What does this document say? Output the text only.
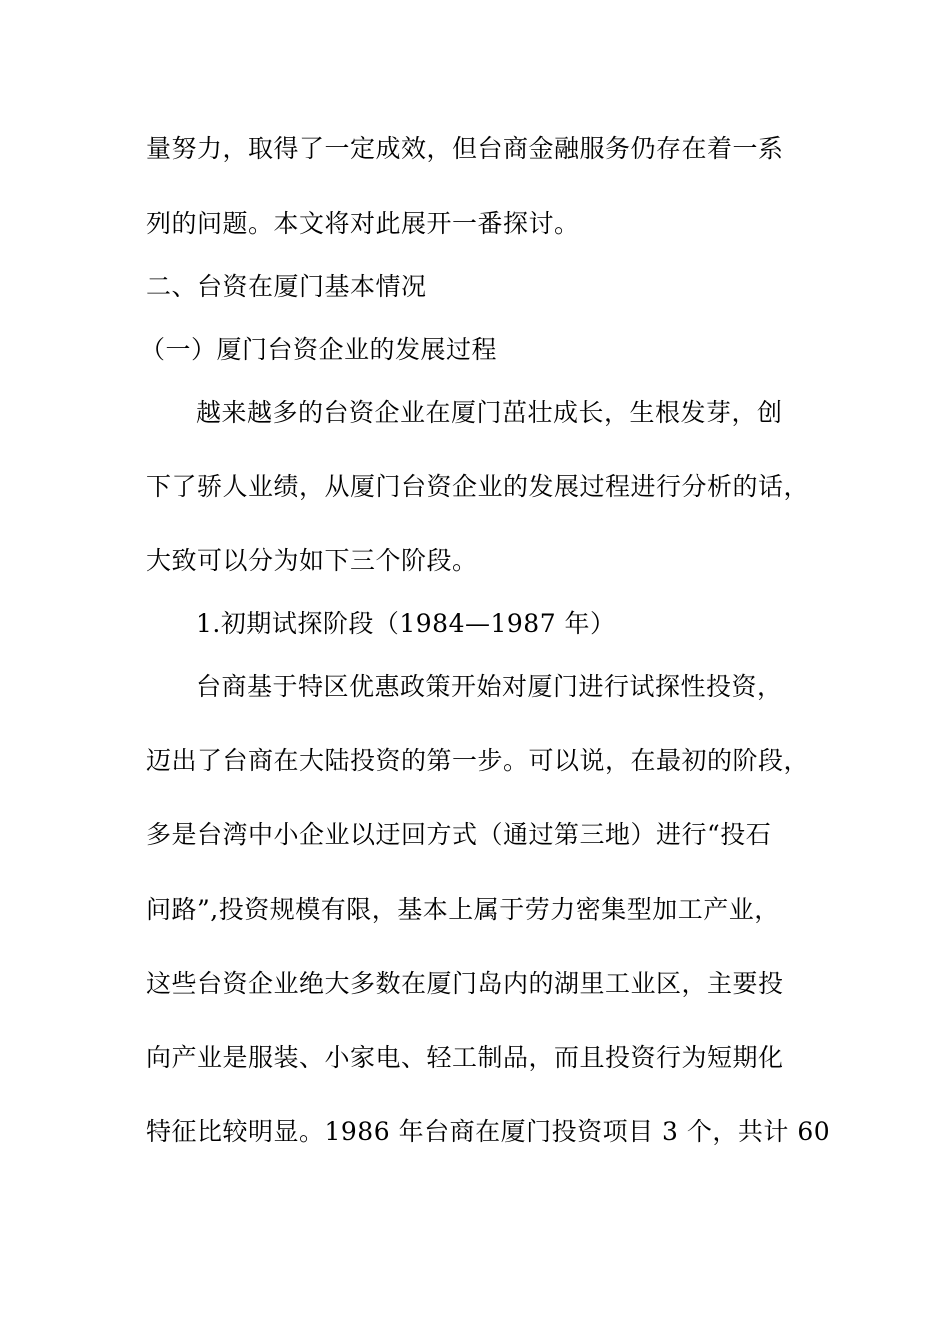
量努力，取得了一定成效，但台商金融服务仍存在着一系
列的问题。本文将对此展开一番探讨。
二、台资在厦门基本情况
（一）厦门台资企业的发展过程
越来越多的台资企业在厦门茁壮成长，生根发芽，创
下了骄人业绩，从厦门台资企业的发展过程进行分析的话，
大致可以分为如下三个阶段。
1.初期试探阶段（1984—1987 年）
台商基于特区优惠政策开始对厦门进行试探性投资，
迈出了台商在大陆投资的第一步。可以说，在最初的阶段，
多是台湾中小企业以迂回方式（通过第三地）进行“投石
问路”,投资规模有限，基本上属于劳力密集型加工产业，
这些台资企业绝大多数在厦门岛内的湖里工业区，主要投
向产业是服装、小家电、轻工制品，而且投资行为短期化
特征比较明显。1986 年台商在厦门投资项目 3 个，共计 60
